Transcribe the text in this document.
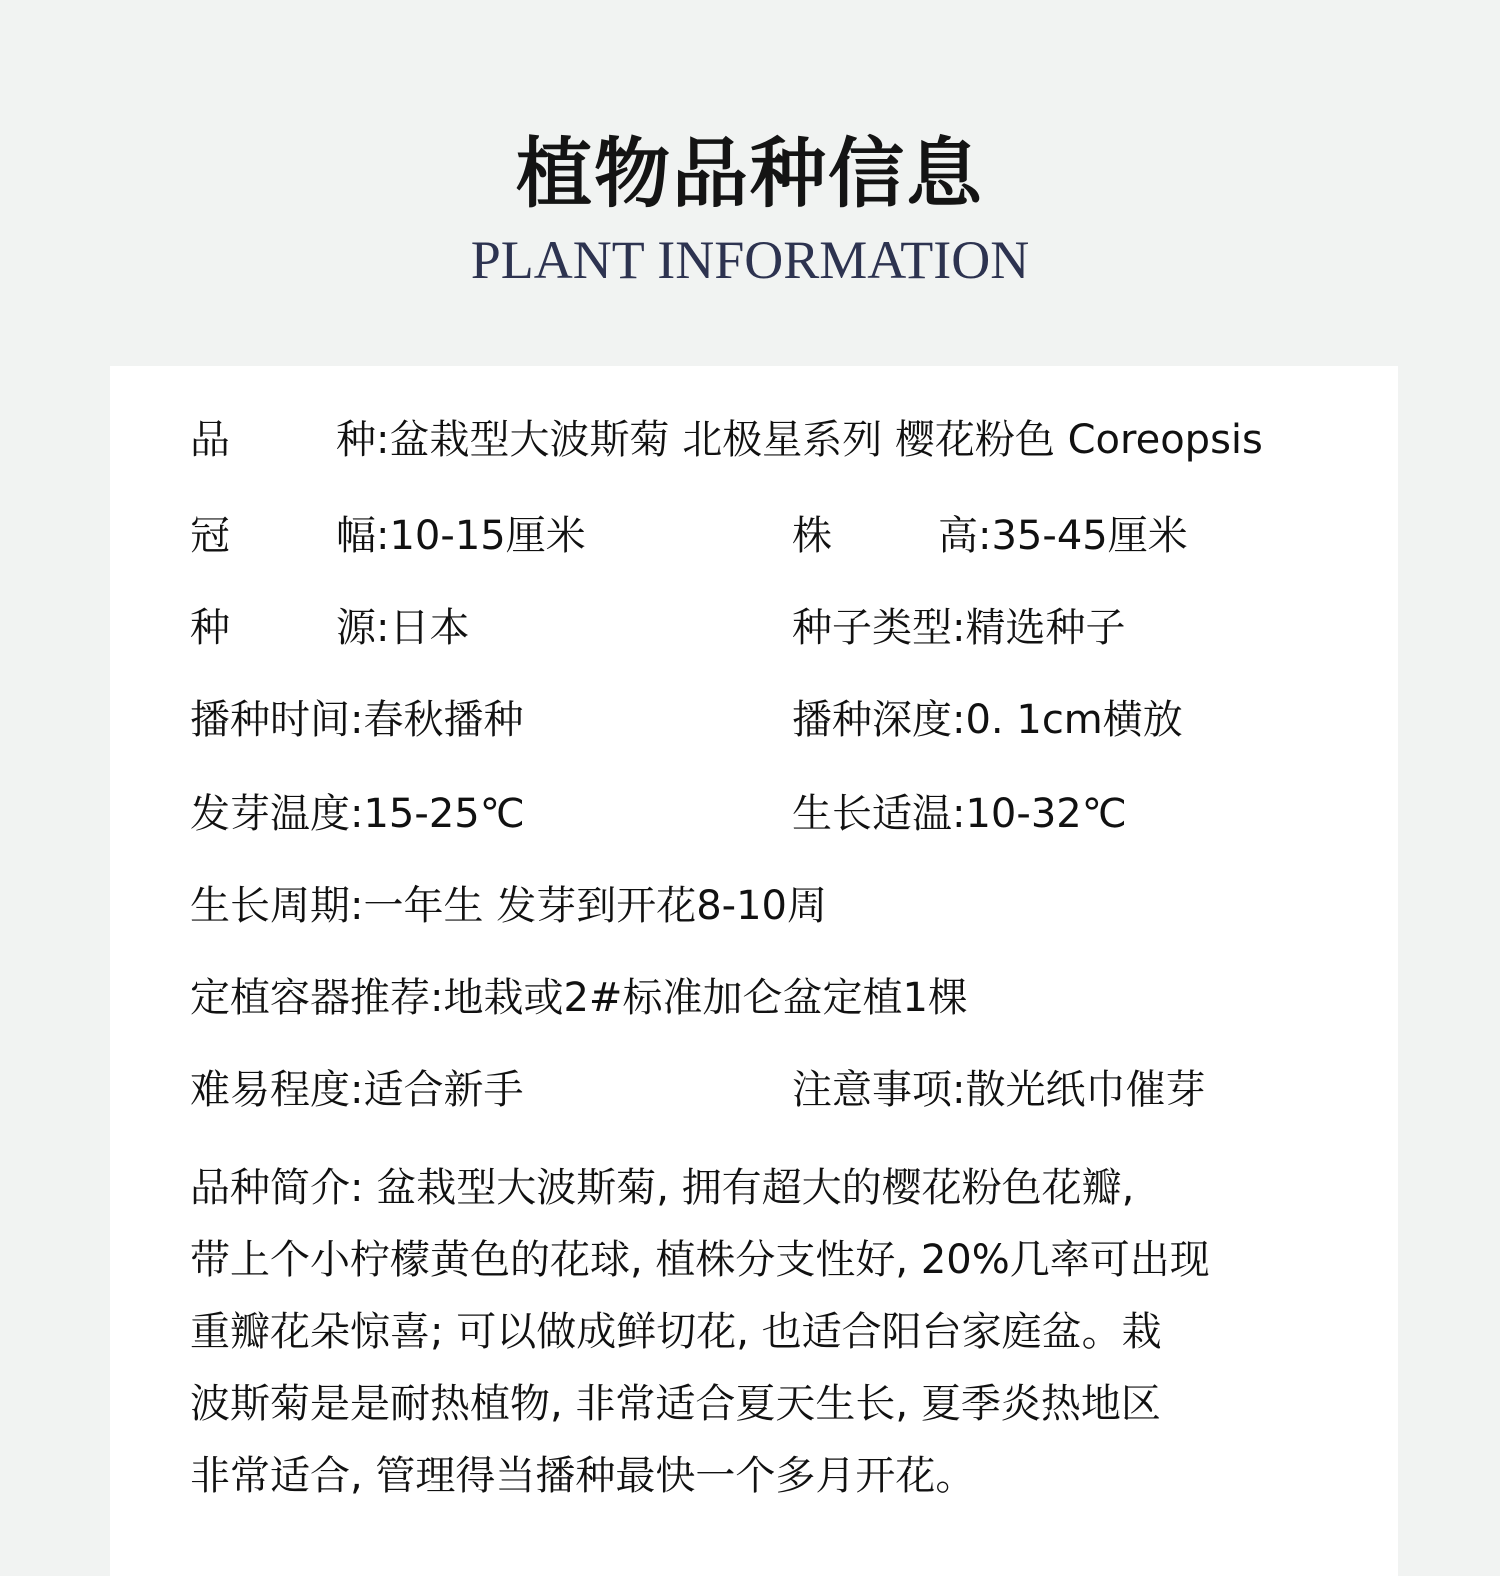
植物品种信息
PLANT INFORMATION
品	种:盆栽型大波斯菊 北极星系列 樱花粉色 Coreopsis
冠	幅:10-15厘米	株	高:35-45厘米
种	源:日本	种子类型:精选种子
播种时间:春秋播种	播种深度:0. 1cm横放
发芽温度:15-25℃	生长适温:10-32℃
生长周期:一年生 发芽到开花8-10周
定植容器推荐:地栽或2#标准加仑盆定植1棵
难易程度:适合新手	注意事项:散光纸巾催芽
品种简介: 盆栽型大波斯菊, 拥有超大的樱花粉色花瓣,
带上个小柠檬黄色的花球, 植株分支性好, 20%几率可出现
重瓣花朵惊喜; 可以做成鲜切花, 也适合阳台家庭盆。栽
波斯菊是是耐热植物, 非常适合夏天生长, 夏季炎热地区
非常适合, 管理得当播种最快一个多月开花。
